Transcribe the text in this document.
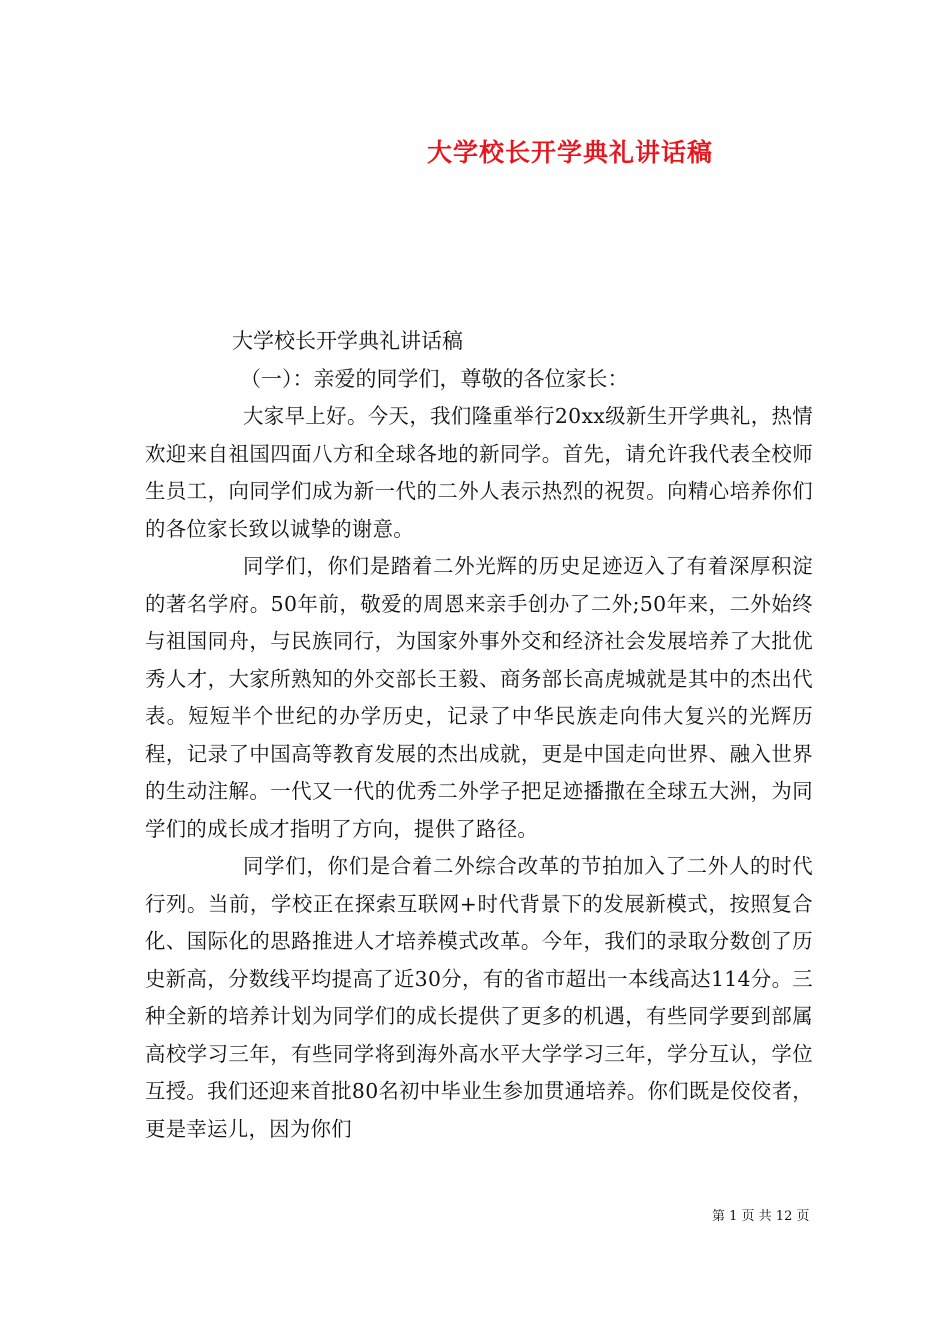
大学校长开学典礼讲话稿
大学校长开学典礼讲话稿
（一）：亲爱的同学们，尊敬的各位家长：

大家早上好。今天，我们隆重举行20xx级新生开学典礼，热情欢迎来自祖国四面八方和全球各地的新同学。首先，请允许我代表全校师生员工，向同学们成为新一代的二外人表示热烈的祝贺。向精心培养你们的各位家长致以诚挚的谢意。

同学们，你们是踏着二外光辉的历史足迹迈入了有着深厚积淀的著名学府。50年前，敬爱的周恩来亲手创办了二外;50年来，二外始终与祖国同舟，与民族同行，为国家外事外交和经济社会发展培养了大批优秀人才，大家所熟知的外交部长王毅、商务部长高虎城就是其中的杰出代表。短短半个世纪的办学历史，记录了中华民族走向伟大复兴的光辉历程，记录了中国高等教育发展的杰出成就，更是中国走向世界、融入世界的生动注解。一代又一代的优秀二外学子把足迹播撒在全球五大洲，为同学们的成长成才指明了方向，提供了路径。

同学们，你们是合着二外综合改革的节拍加入了二外人的时代行列。当前，学校正在探索互联网+时代背景下的发展新模式，按照复合化、国际化的思路推进人才培养模式改革。今年，我们的录取分数创了历史新高，分数线平均提高了近30分，有的省市超出一本线高达114分。三种全新的培养计划为同学们的成长提供了更多的机遇，有些同学要到部属高校学习三年，有些同学将到海外高水平大学学习三年，学分互认，学位互授。我们还迎来首批80名初中毕业生参加贯通培养。你们既是佼佼者，更是幸运儿，因为你们

第 1 页 共 12 页
